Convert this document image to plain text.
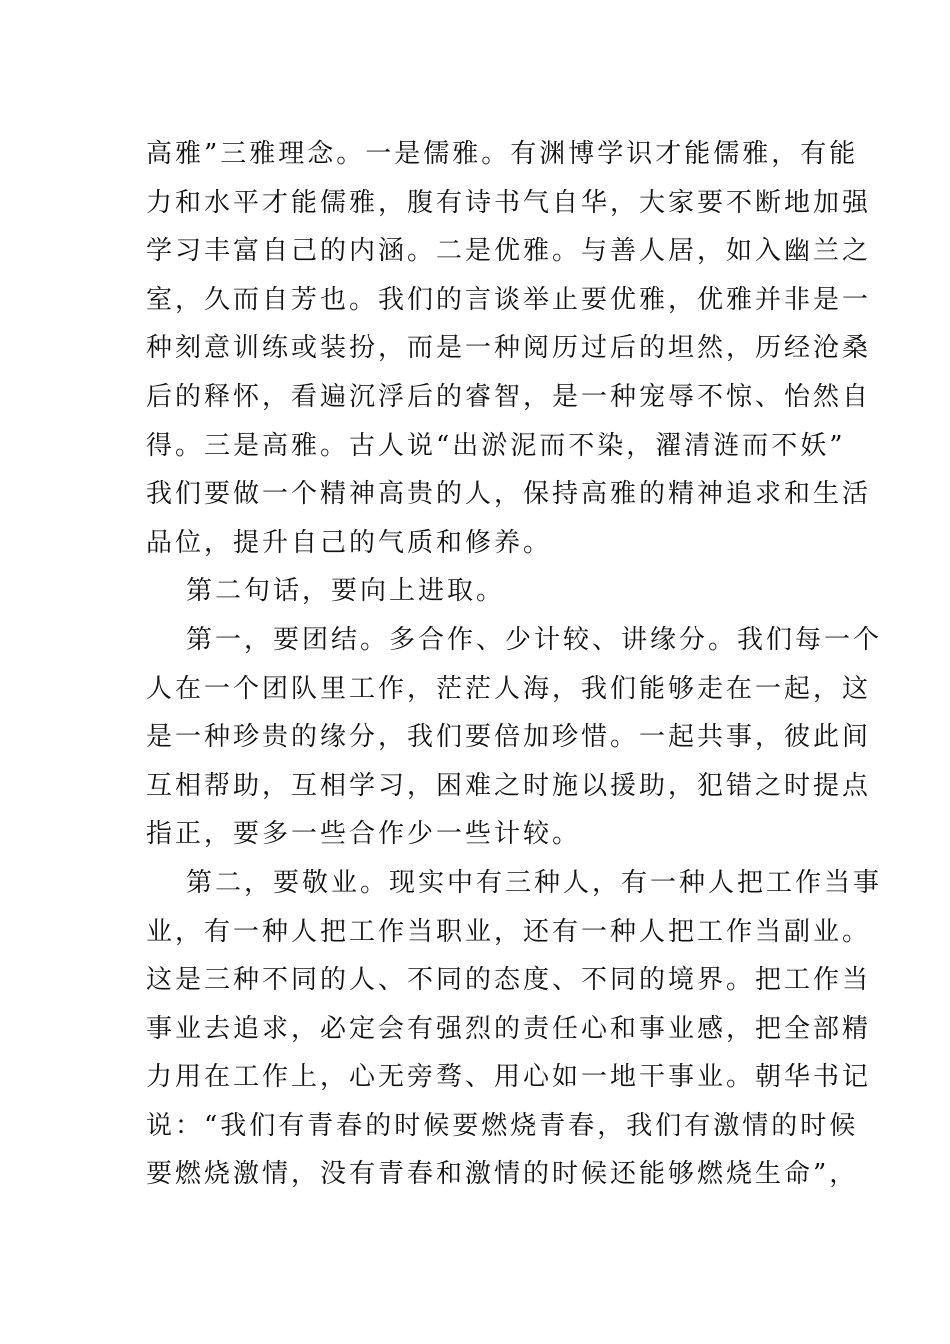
高雅”三雅理念。一是儒雅。有渊博学识才能儒雅，有能
力和水平才能儒雅，腹有诗书气自华，大家要不断地加强
学习丰富自己的内涵。二是优雅。与善人居，如入幽兰之
室，久而自芳也。我们的言谈举止要优雅，优雅并非是一
种刻意训练或装扮，而是一种阅历过后的坦然，历经沧桑
后的释怀，看遍沉浮后的睿智，是一种宠辱不惊、怡然自
得。三是高雅。古人说“出淤泥而不染，濯清涟而不妖”
我们要做一个精神高贵的人，保持高雅的精神追求和生活
品位，提升自己的气质和修养。
第二句话，要向上进取。
第一，要团结。多合作、少计较、讲缘分。我们每一个
人在一个团队里工作，茫茫人海，我们能够走在一起，这
是一种珍贵的缘分，我们要倍加珍惜。一起共事，彼此间
互相帮助，互相学习，困难之时施以援助，犯错之时提点
指正，要多一些合作少一些计较。
第二，要敬业。现实中有三种人，有一种人把工作当事
业，有一种人把工作当职业，还有一种人把工作当副业。
这是三种不同的人、不同的态度、不同的境界。把工作当
事业去追求，必定会有强烈的责任心和事业感，把全部精
力用在工作上，心无旁骛、用心如一地干事业。朝华书记
说：“我们有青春的时候要燃烧青春，我们有激情的时候
要燃烧激情，没有青春和激情的时候还能够燃烧生命”，
